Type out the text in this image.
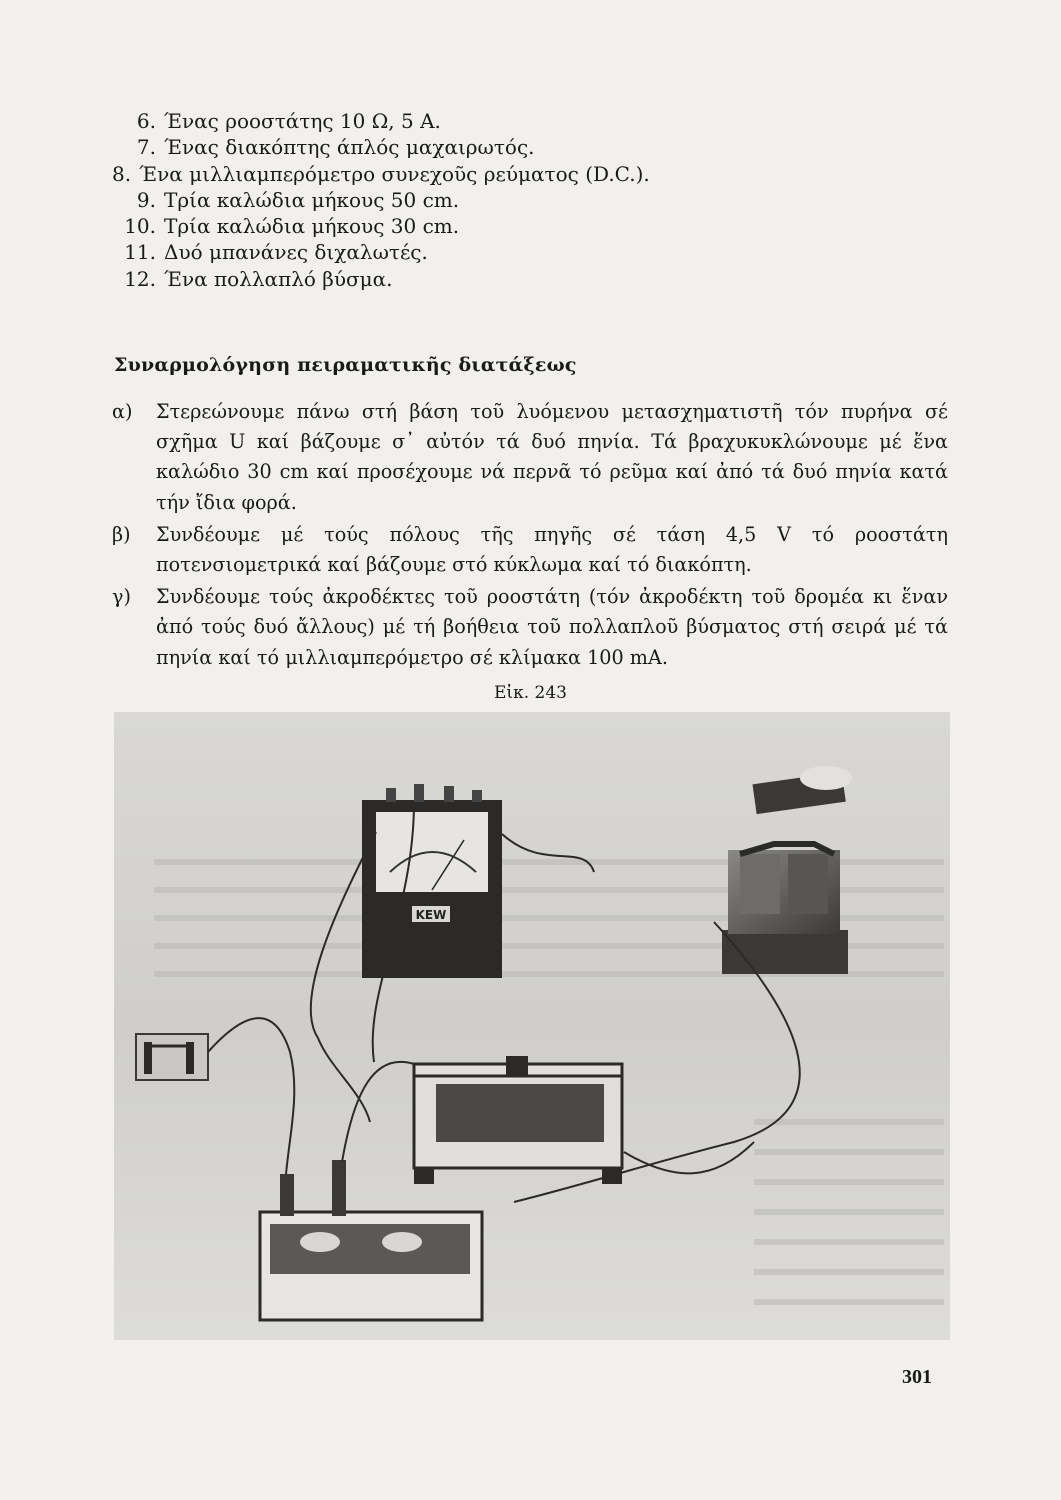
6. Ένας ροοστάτης 10 Ω, 5 A.
7. Ένας διακόπτης άπλός μαχαιρωτός.
8. Ένα μιλλιαμπερόμετρο συνεχοῦς ρεύματος (D.C.).
9. Τρία καλώδια μήκους 50 cm.
10. Τρία καλώδια μήκους 30 cm.
11. Δυό μπανάνες διχαλωτές.
12. Ένα πολλαπλό βύσμα.
Συναρμολόγηση πειραματικῆς διατάξεως
α)	Στερεώνουμε πάνω στή βάση τοῦ λυόμενου μετασχηματιστῆ τόν πυρήνα σέ σχῆμα U καί βάζουμε σ᾽ αὐτόν τά δυό πηνία. Τά βραχυκυκλώνουμε μέ ἕνα καλώδιο 30 cm καί προσέχουμε νά περνᾶ τό ρεῦμα καί ἀπό τά δυό πηνία κατά τήν ἴδια φορά.
β)	Συνδέουμε μέ τούς πόλους τῆς πηγῆς σέ τάση 4,5 V τό ροοστάτη ποτενσιομετρικά καί βάζουμε στό κύκλωμα καί τό διακόπτη.
γ)	Συνδέουμε τούς ἀκροδέκτες τοῦ ροοστάτη (τόν ἀκροδέκτη τοῦ δρομέα κι ἕναν ἀπό τούς δυό ἄλλους) μέ τή βοήθεια τοῦ πολλαπλοῦ βύσματος στή σειρά μέ τά πηνία καί τό μιλλιαμπερόμετρο σέ κλίμακα 100 mA.
Εἰκ. 243
KEW
301
